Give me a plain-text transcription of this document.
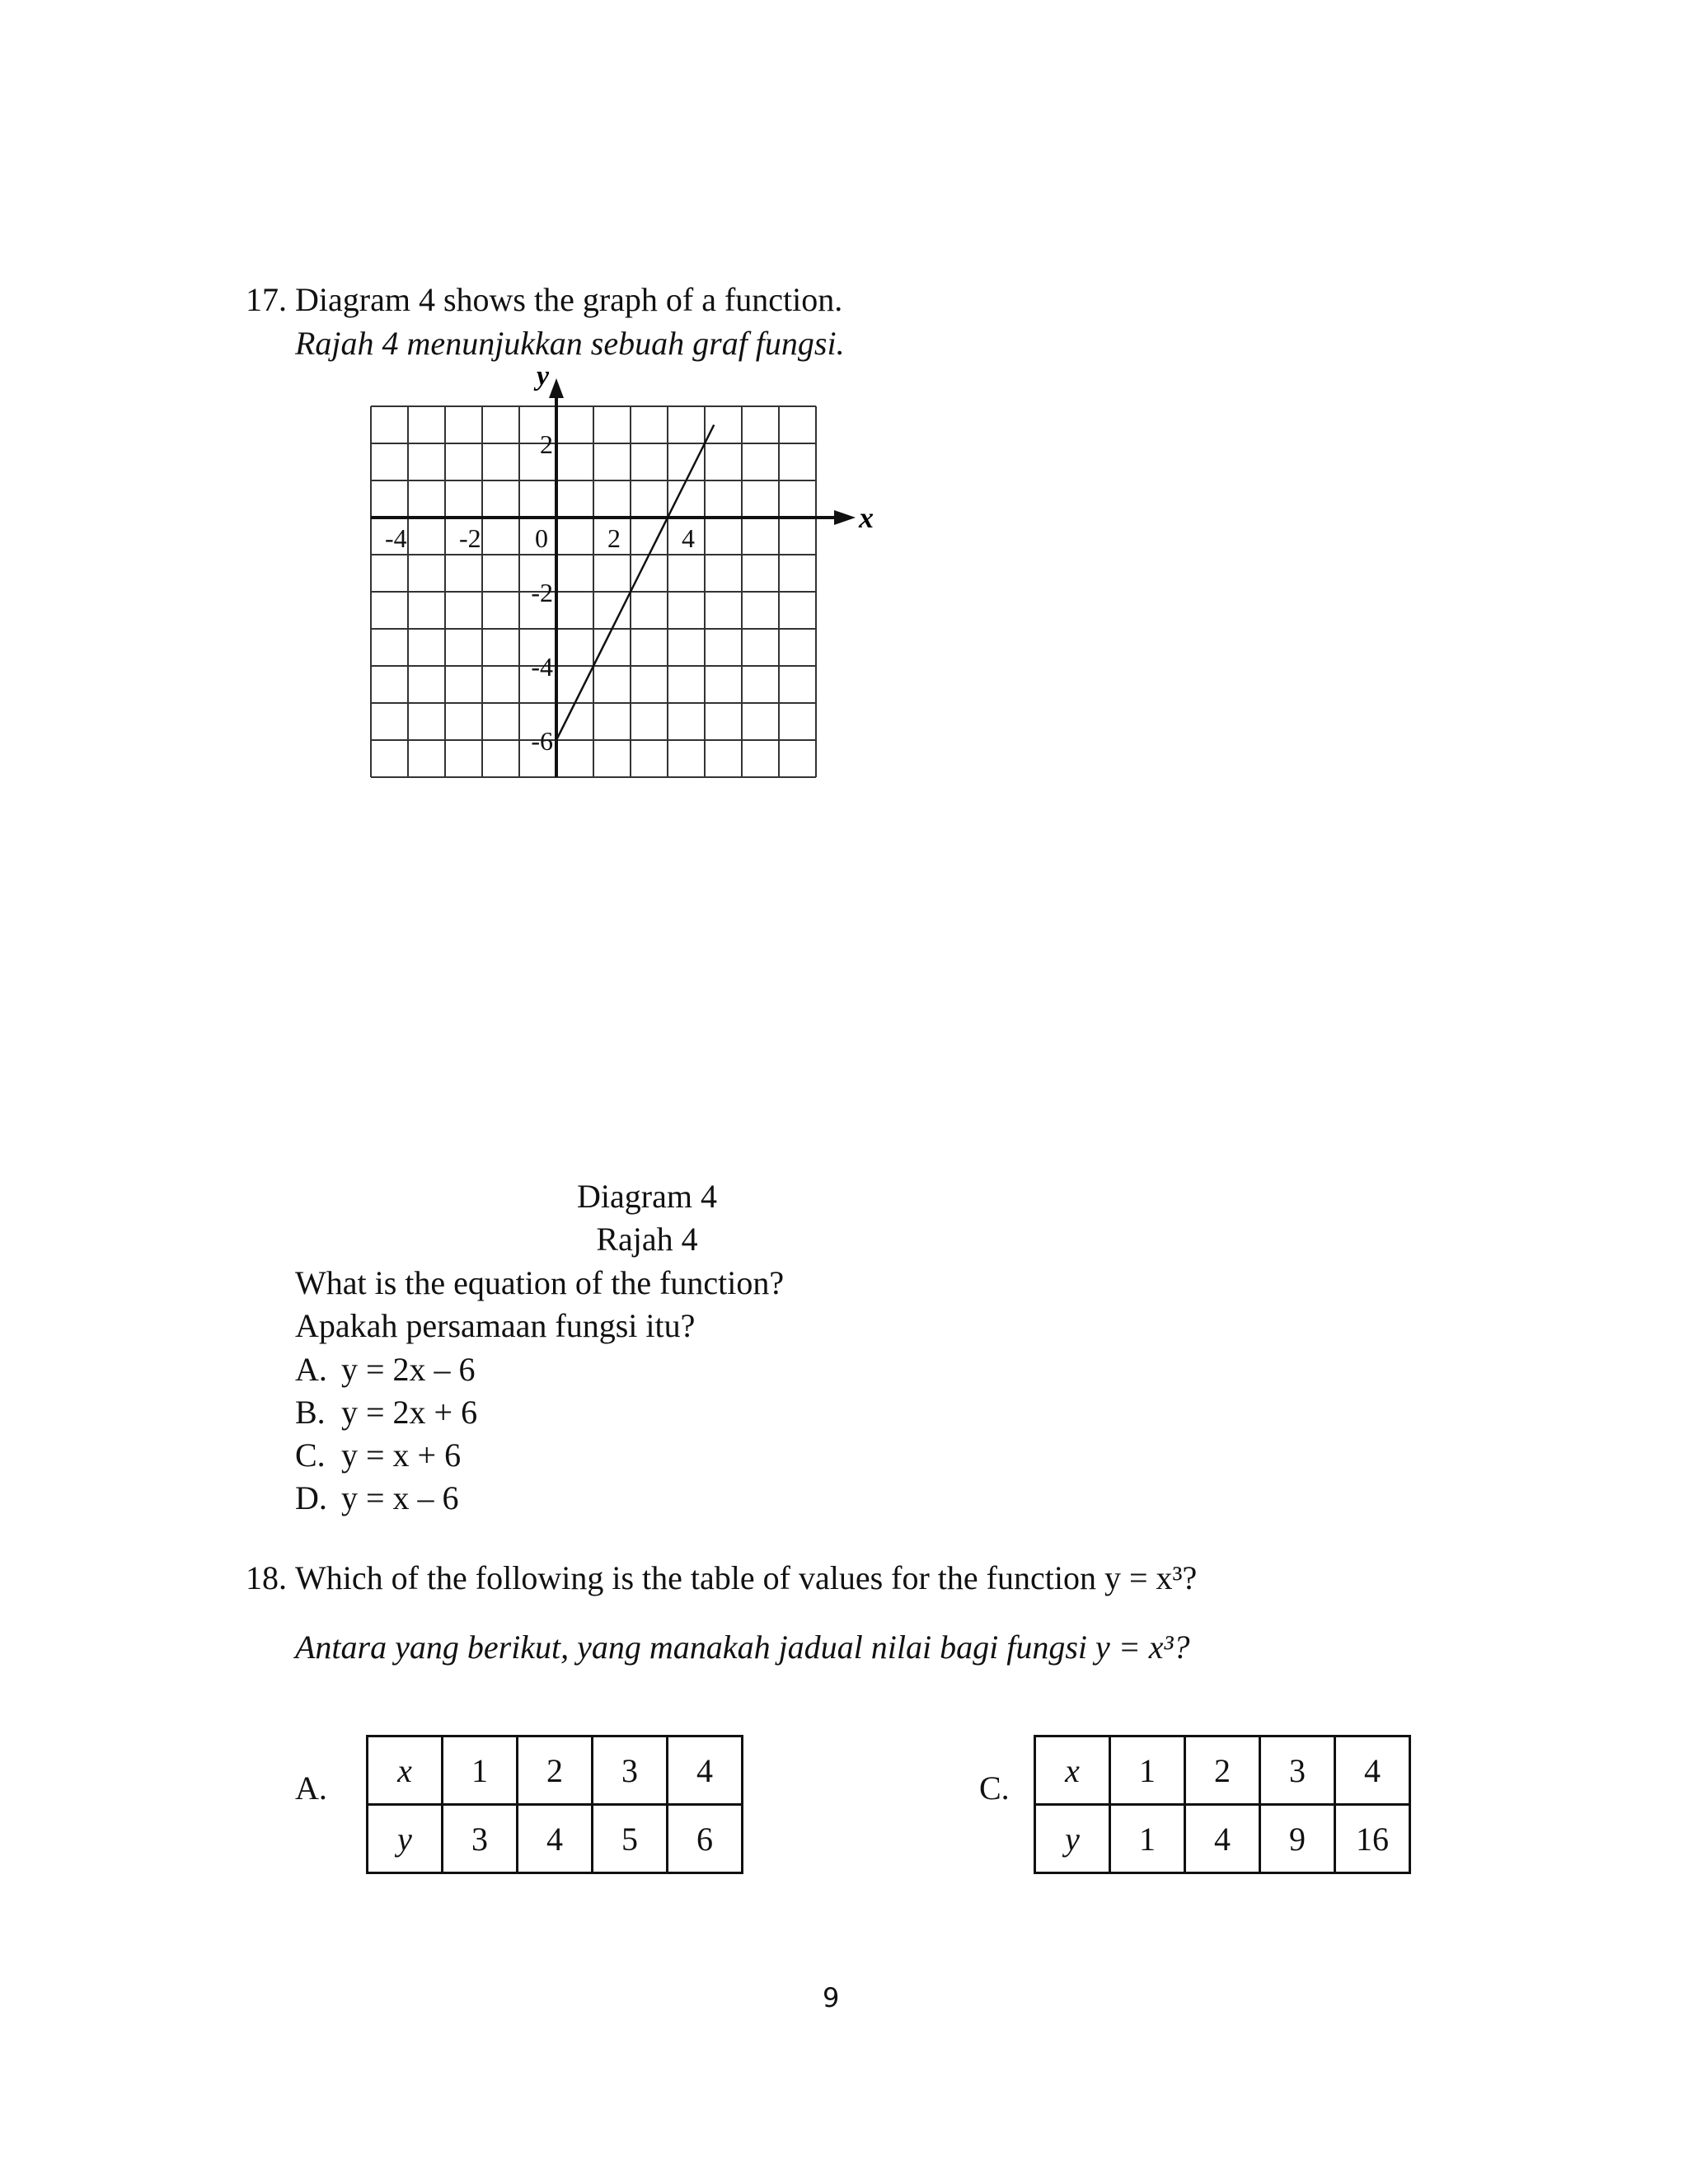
17. Diagram 4 shows the graph of a function.
Rajah 4 menunjukkan sebuah graf fungsi.
x
y
-4 -2 0 2 4
2
-2
-4
-6
Diagram 4
Rajah 4
What is the equation of the function?
Apakah persamaan fungsi itu?
A. y = 2x – 6
B. y = 2x + 6
C. y = x + 6
D. y = x – 6
18. Which of the following is the table of values for the function y = x³?
Antara yang berikut, yang manakah jadual nilai bagi fungsi y = x³?
A. x	1	2	3	4
y	3	4	5	6
C. x	1	2	3	4
y	1	4	9	16
9
